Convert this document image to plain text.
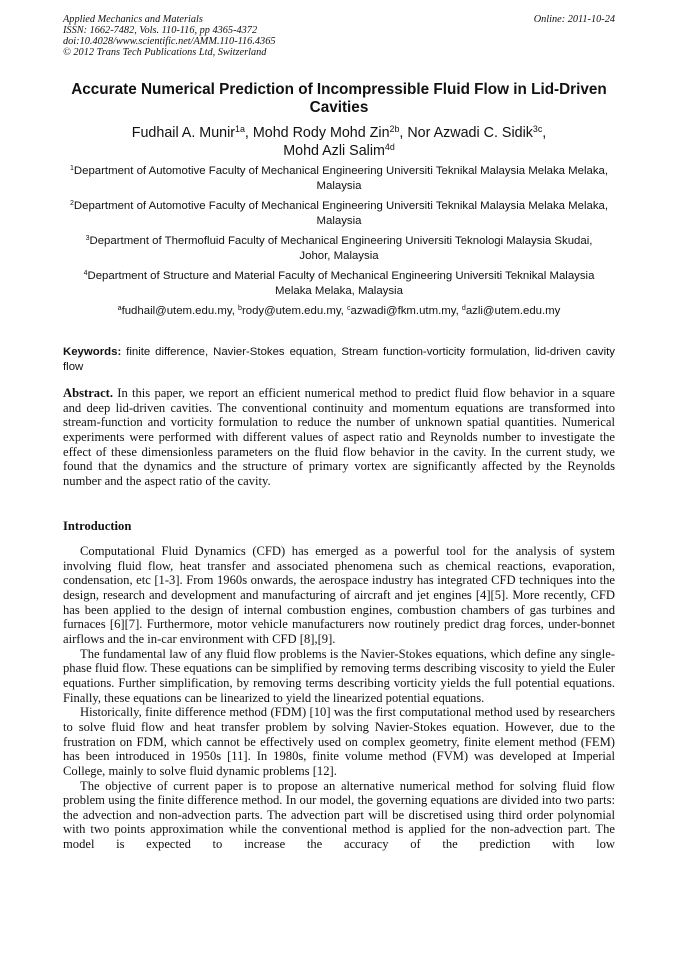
Applied Mechanics and Materials
ISSN: 1662-7482, Vols. 110-116, pp 4365-4372
doi:10.4028/www.scientific.net/AMM.110-116.4365
© 2012 Trans Tech Publications Ltd, Switzerland
Online: 2011-10-24
Accurate Numerical Prediction of Incompressible Fluid Flow in Lid-Driven Cavities
Fudhail A. Munir$^{1a}$, Mohd Rody Mohd Zin$^{2b}$, Nor Azwadi C. Sidik$^{3c}$,
Mohd Azli Salim$^{4d}$
$^1$Department of Automotive Faculty of Mechanical Engineering Universiti Teknikal Malaysia Melaka Melaka, Malaysia
$^2$Department of Automotive Faculty of Mechanical Engineering Universiti Teknikal Malaysia Melaka Melaka, Malaysia
$^3$Department of Thermofluid Faculty of Mechanical Engineering Universiti Teknologi Malaysia Skudai, Johor, Malaysia
$^4$Department of Structure and Material Faculty of Mechanical Engineering Universiti Teknikal Malaysia Melaka Melaka, Malaysia
$^a$fudhail@utem.edu.my, $^b$rody@utem.edu.my, $^c$azwadi@fkm.utm.my, $^d$azli@utem.edu.my
Keywords: finite difference, Navier-Stokes equation, Stream function-vorticity formulation, lid-driven cavity flow
Abstract. In this paper, we report an efficient numerical method to predict fluid flow behavior in a square and deep lid-driven cavities. The conventional continuity and momentum equations are transformed into stream-function and vorticity formulation to reduce the number of unknown spatial quantities. Numerical experiments were performed with different values of aspect ratio and Reynolds number to investigate the effect of these dimensionless parameters on the fluid flow behavior in the cavity. In the current study, we found that the dynamics and the structure of primary vortex are significantly affected by the Reynolds number and the aspect ratio of the cavity.
Introduction

Computational Fluid Dynamics (CFD) has emerged as a powerful tool for the analysis of system involving fluid flow, heat transfer and associated phenomena such as chemical reactions, evaporation, condensation, etc [1-3]. From 1960s onwards, the aerospace industry has integrated CFD techniques into the design, research and development and manufacturing of aircraft and jet engines [4][5]. More recently, CFD has been applied to the design of internal combustion engines, combustion chambers of gas turbines and furnaces [6][7]. Furthermore, motor vehicle manufacturers now routinely predict drag forces, under-bonnet airflows and the in-car environment with CFD [8],[9].

The fundamental law of any fluid flow problems is the Navier-Stokes equations, which define any single-phase fluid flow. These equations can be simplified by removing terms describing viscosity to yield the Euler equations. Further simplification, by removing terms describing vorticity yields the full potential equations. Finally, these equations can be linearized to yield the linearized potential equations.

Historically, finite difference method (FDM) [10] was the first computational method used by researchers to solve fluid flow and heat transfer problem by solving Navier-Stokes equation. However, due to the frustration on FDM, which cannot be effectively used on complex geometry, finite element method (FEM) has been introduced in 1950s [11]. In 1980s, finite volume method (FVM) was developed at Imperial College, mainly to solve fluid dynamic problems [12].

The objective of current paper is to propose an alternative numerical method for solving fluid flow problem using the finite difference method. In our model, the governing equations are divided into two parts: the advection and non-advection parts. The advection part will be discretised using third order polynomial with two points approximation while the conventional method is applied for the non-advection part. The model is expected to increase the accuracy of the prediction with low
